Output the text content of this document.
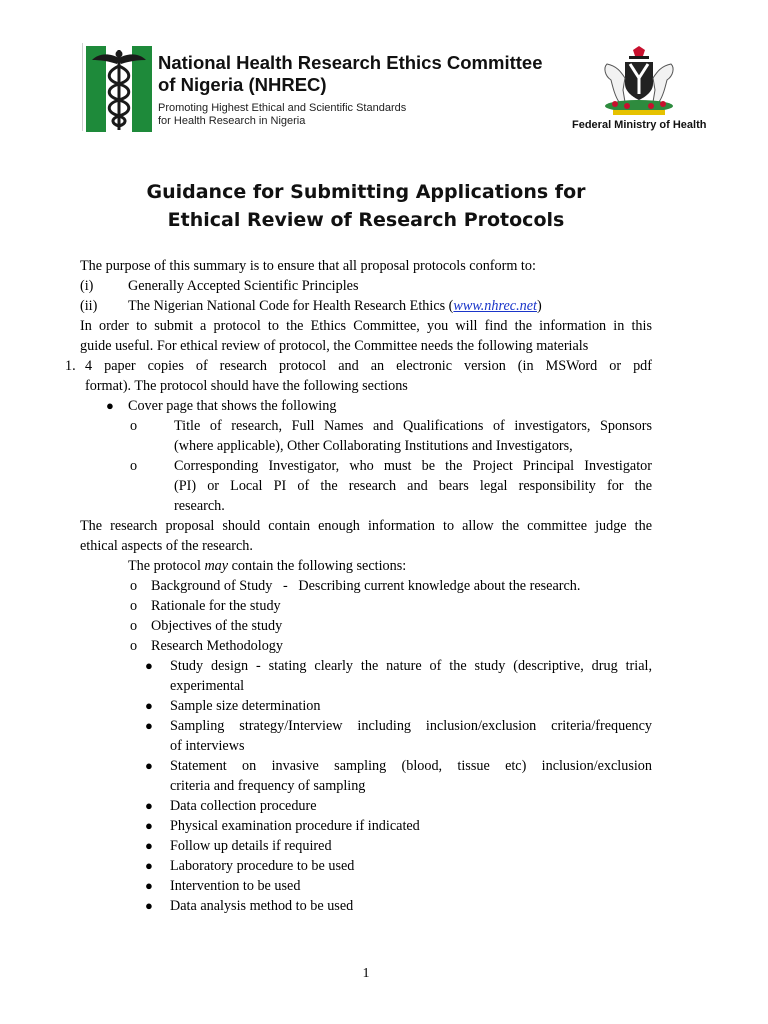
National Health Research Ethics Committee
of Nigeria (NHREC)
Promoting Highest Ethical and Scientific Standards
for Health Research in Nigeria	Federal Ministry of Health
Guidance for Submitting Applications for
Ethical Review of Research Protocols
The purpose of this summary is to ensure that all proposal protocols conform to:
(i) Generally Accepted Scientific Principles
(ii) The Nigerian National Code for Health Research Ethics (www.nhrec.net)
In order to submit a protocol to the Ethics Committee, you will find the information in this
guide useful. For ethical review of protocol, the Committee needs the following materials
1. 4 paper copies of research protocol and an electronic version (in MSWord or pdf
format). The protocol should have the following sections
● Cover page that shows the following
o	Title of research, Full Names and Qualifications of investigators, Sponsors
(where applicable), Other Collaborating Institutions and Investigators,
o	Corresponding Investigator, who must be the Project Principal Investigator
(PI) or Local PI of the research and bears legal responsibility for the
research.
The research proposal should contain enough information to allow the committee judge the
ethical aspects of the research.
The protocol may contain the following sections:
o Background of Study   -   Describing current knowledge about the research.
o Rationale for the study
o Objectives of the study
o Research Methodology
● Study design - stating clearly the nature of the study (descriptive, drug trial,
experimental
● Sample size determination
● Sampling strategy/Interview including inclusion/exclusion criteria/frequency
of interviews
● Statement on invasive sampling (blood, tissue etc) inclusion/exclusion
criteria and frequency of sampling
● Data collection procedure
● Physical examination procedure if indicated
● Follow up details if required
● Laboratory procedure to be used
● Intervention to be used
● Data analysis method to be used
1
